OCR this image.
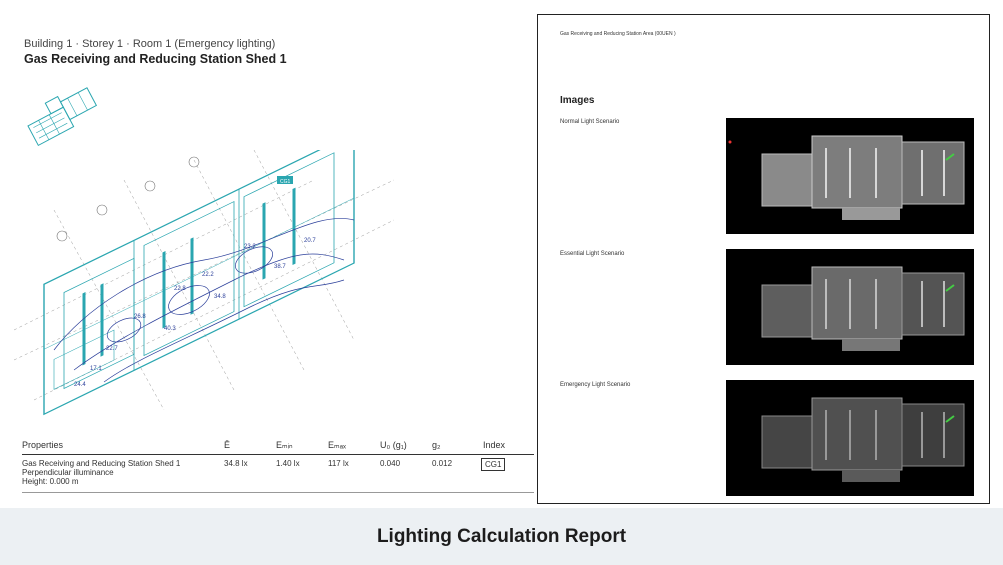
Building 1 · Storey 1 · Room 1 (Emergency lighting)
Gas Receiving and Reducing Station Shed 1
CG1
22.2
22.8
23.2
26.8
34.8
38.7
40.3
22.7
17.1
20.7
24.4
Properties	Ē	Eₘᵢₙ	Eₘₐₓ	U₀ (g₁)	g₂	Index
Gas Receiving and Reducing Station Shed 1
Perpendicular illuminance
Height: 0.000 m
34.8 lx	1.40 lx	117 lx	0.040	0.012	CG1
Gas Receiving and Reducing Station Area (00UEN )
Images
Normal Light Scenario
Essential Light Scenario
Emergency Light Scenario
Lighting Calculation Report
